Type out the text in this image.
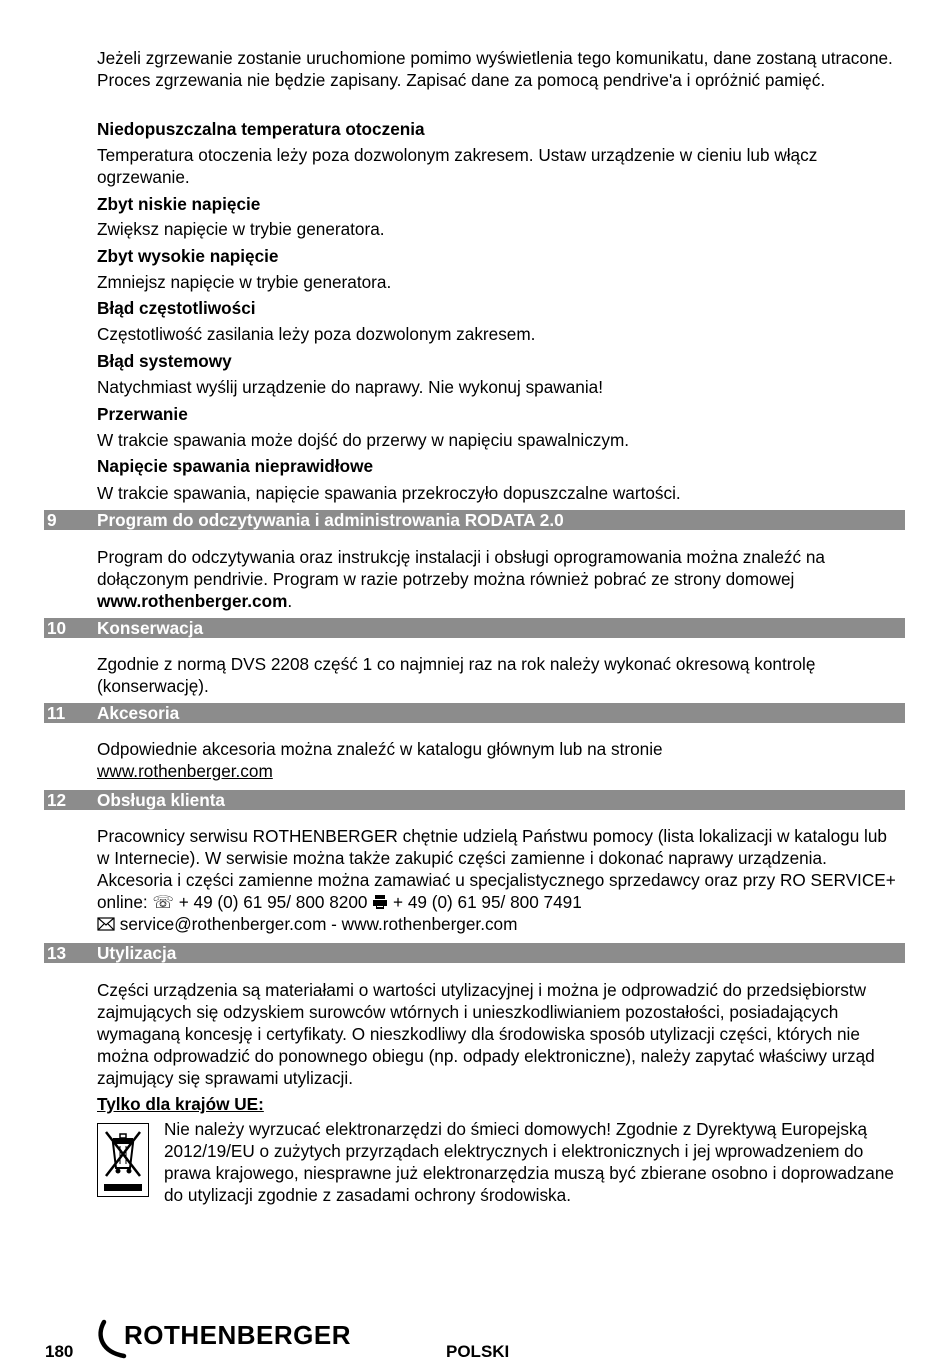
Jeżeli zgrzewanie zostanie uruchomione pomimo wyświetlenia tego komunikatu, dane zostaną utracone. Proces zgrzewania nie będzie zapisany. Zapisać dane za pomocą pendrive'a i opróżnić pamięć.

Niedopuszczalna temperatura otoczenia

Temperatura otoczenia leży poza dozwolonym zakresem. Ustaw urządzenie w cieniu lub włącz ogrzewanie.

Zbyt niskie napięcie

Zwiększ napięcie w trybie generatora.

Zbyt wysokie napięcie

Zmniejsz napięcie w trybie generatora.

Błąd częstotliwości

Częstotliwość zasilania leży poza dozwolonym zakresem.

Błąd systemowy

Natychmiast wyślij urządzenie do naprawy. Nie wykonuj spawania!

Przerwanie

W trakcie spawania może dojść do przerwy w napięciu spawalniczym.

Napięcie spawania nieprawidłowe

W trakcie spawania, napięcie spawania przekroczyło dopuszczalne wartości.

9 Program do odczytywania i administrowania RODATA 2.0

Program do odczytywania oraz instrukcję instalacji i obsługi oprogramowania można znaleźć na dołączonym pendrivie. Program w razie potrzeby można również pobrać ze strony domowej www.rothenberger.com.

10 Konserwacja

Zgodnie z normą DVS 2208 część 1 co najmniej raz na rok należy wykonać okresową kontrolę (konserwację).

11 Akcesoria

Odpowiednie akcesoria można znaleźć w katalogu głównym lub na stronie
www.rothenberger.com

12 Obsługa klienta

Pracownicy serwisu ROTHENBERGER chętnie udzielą Państwu pomocy (lista lokalizacji w katalogu lub w Internecie). W serwisie można także zakupić części zamienne i dokonać naprawy urządzenia. Akcesoria i części zamienne można zamawiać u specjalistycznego sprzedawcy oraz przy RO SERVICE+ online: ☏ + 49 (0) 61 95/ 800 8200 + 49 (0) 61 95/ 800 7491
service@rothenberger.com - www.rothenberger.com

13 Utylizacja

Części urządzenia są materiałami o wartości utylizacyjnej i można je odprowadzić do przedsiębiorstw zajmujących się odzyskiem surowców wtórnych i unieszkodliwianiem pozostałości, posiadających wymaganą koncesję i certyfikaty. O nieszkodliwy dla środowiska sposób utylizacji części, których nie można odprowadzić do ponownego obiegu (np. odpady elektroniczne), należy zapytać właściwy urząd zajmujący się sprawami utylizacji.

Tylko dla krajów UE:

Nie należy wyrzucać elektronarzędzi do śmieci domowych! Zgodnie z Dyrektywą Europejską 2012/19/EU o zużytych przyrządach elektrycznych i elektronicznych i jej wprowadzeniem do prawa krajowego, niesprawne już elektronarzędzia muszą być zbierane osobno i doprowadzane do utylizacji zgodnie z zasadami ochrony środowiska.

180
ROTHENBERGER
POLSKI
